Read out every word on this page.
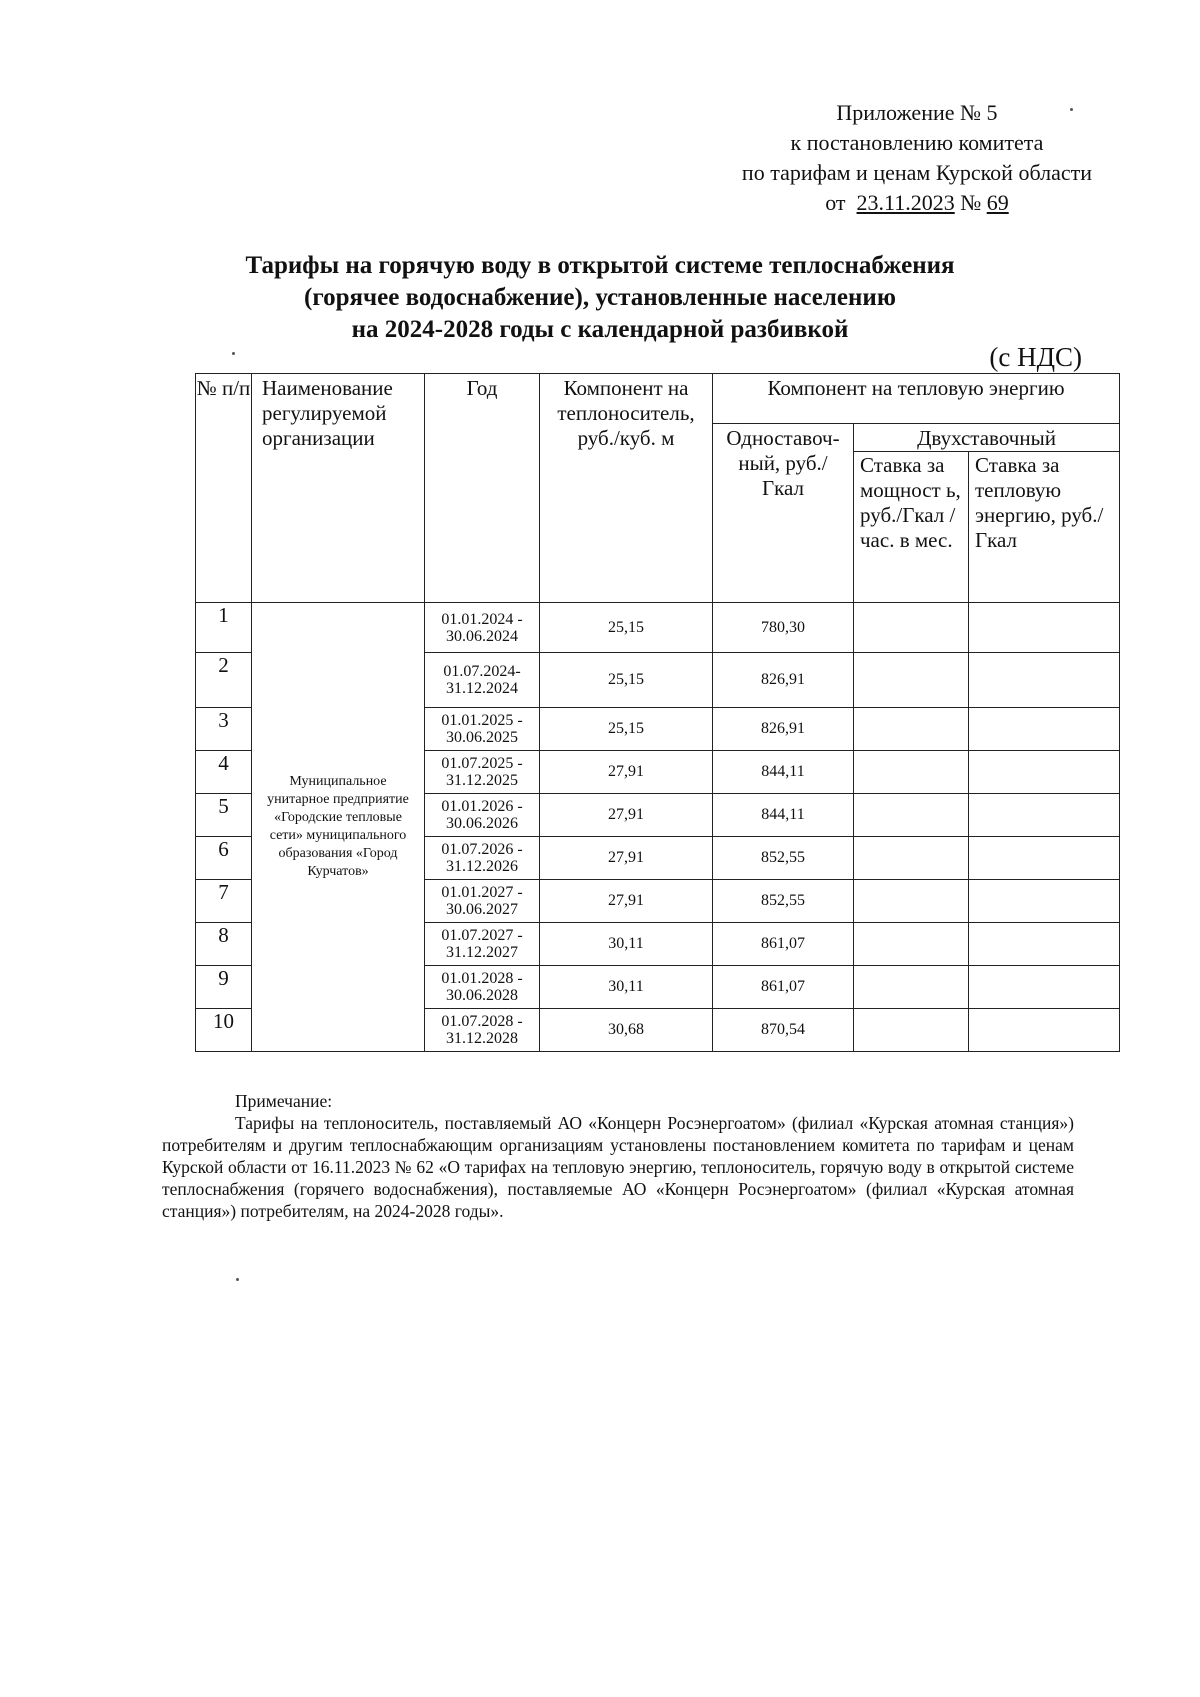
Приложение № 5
к постановлению комитета
по тарифам и ценам Курской области
от 23.11.2023 № 69
Тарифы на горячую воду в открытой системе теплоснабжения
(горячее водоснабжение), установленные населению
на 2024-2028 годы с календарной разбивкой
(с НДС)
№ п/п	Наименование регулируемой организации	Год	Компонент на теплоноситель, руб./куб. м	Компонент на тепловую энергию		
				Одноставоч-ный, руб./Гкал	Двухставочный	
					Ставка за мощност ь, руб./Гкал /час. в мес.	Ставка за тепловую энергию, руб./Гкал
1	Муниципальное унитарное предприятие «Городские тепловые сети» муниципального образования «Город Курчатов»	01.01.2024 - 30.06.2024	25,15	780,30		
2		01.07.2024- 31.12.2024	25,15	826,91		
3		01.01.2025 - 30.06.2025	25,15	826,91		
4		01.07.2025 - 31.12.2025	27,91	844,11		
5		01.01.2026 - 30.06.2026	27,91	844,11		
6		01.07.2026 - 31.12.2026	27,91	852,55		
7		01.01.2027 - 30.06.2027	27,91	852,55		
8		01.07.2027 - 31.12.2027	30,11	861,07		
9		01.01.2028 - 30.06.2028	30,11	861,07		
10		01.07.2028 - 31.12.2028	30,68	870,54		
Примечание:

Тарифы на теплоноситель, поставляемый АО «Концерн Росэнергоатом» (филиал «Курская атомная станция») потребителям и другим теплоснабжающим организациям установлены постановлением комитета по тарифам и ценам Курской области от 16.11.2023 № 62 «О тарифах на тепловую энергию, теплоноситель, горячую воду в открытой системе теплоснабжения (горячего водоснабжения), поставляемые АО «Концерн Росэнергоатом» (филиал «Курская атомная станция») потребителям, на 2024-2028 годы».
